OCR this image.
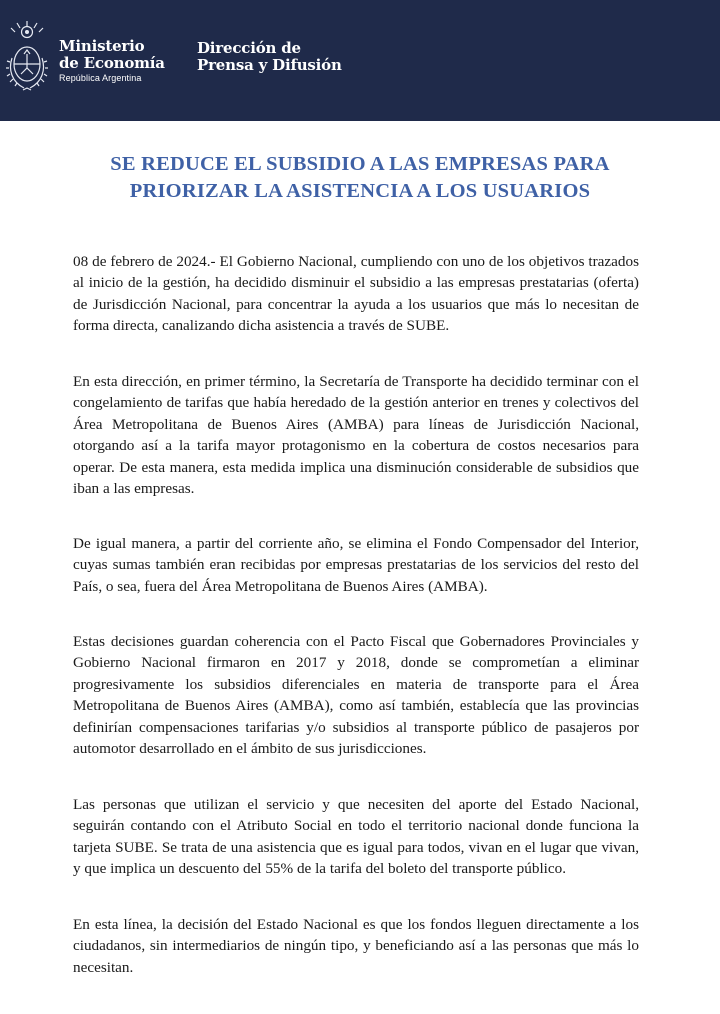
Ministerio
de Economía
República Argentina
Dirección de
Prensa y Difusión
SE REDUCE EL SUBSIDIO A LAS EMPRESAS PARA
PRIORIZAR LA ASISTENCIA A LOS USUARIOS

08 de febrero de 2024.- El Gobierno Nacional, cumpliendo con uno de los objetivos trazados al inicio de la gestión, ha decidido disminuir el subsidio a las empresas prestatarias (oferta) de Jurisdicción Nacional, para concentrar la ayuda a los usuarios que más lo necesitan de forma directa, canalizando dicha asistencia a través de SUBE.

En esta dirección, en primer término, la Secretaría de Transporte ha decidido terminar con el congelamiento de tarifas que había heredado de la gestión anterior en trenes y colectivos del Área Metropolitana de Buenos Aires (AMBA) para líneas de Jurisdicción Nacional, otorgando así a la tarifa mayor protagonismo en la cobertura de costos necesarios para operar. De esta manera, esta medida implica una disminución considerable de subsidios que iban a las empresas.

De igual manera, a partir del corriente año, se elimina el Fondo Compensador del Interior, cuyas sumas también eran recibidas por empresas prestatarias de los servicios del resto del País, o sea, fuera del Área Metropolitana de Buenos Aires (AMBA).

Estas decisiones guardan coherencia con el Pacto Fiscal que Gobernadores Provinciales y Gobierno Nacional firmaron en 2017 y 2018, donde se comprometían a eliminar progresivamente los subsidios diferenciales en materia de transporte para el Área Metropolitana de Buenos Aires (AMBA), como así también, establecía que las provincias definirían compensaciones tarifarias y/o subsidios al transporte público de pasajeros por automotor desarrollado en el ámbito de sus jurisdicciones.

Las personas que utilizan el servicio y que necesiten del aporte del Estado Nacional, seguirán contando con el Atributo Social en todo el territorio nacional donde funciona la tarjeta SUBE. Se trata de una asistencia que es igual para todos, vivan en el lugar que vivan, y que implica un descuento del 55% de la tarifa del boleto del transporte público.

En esta línea, la decisión del Estado Nacional es que los fondos lleguen directamente a los ciudadanos, sin intermediarios de ningún tipo, y beneficiando así a las personas que más lo necesitan.
